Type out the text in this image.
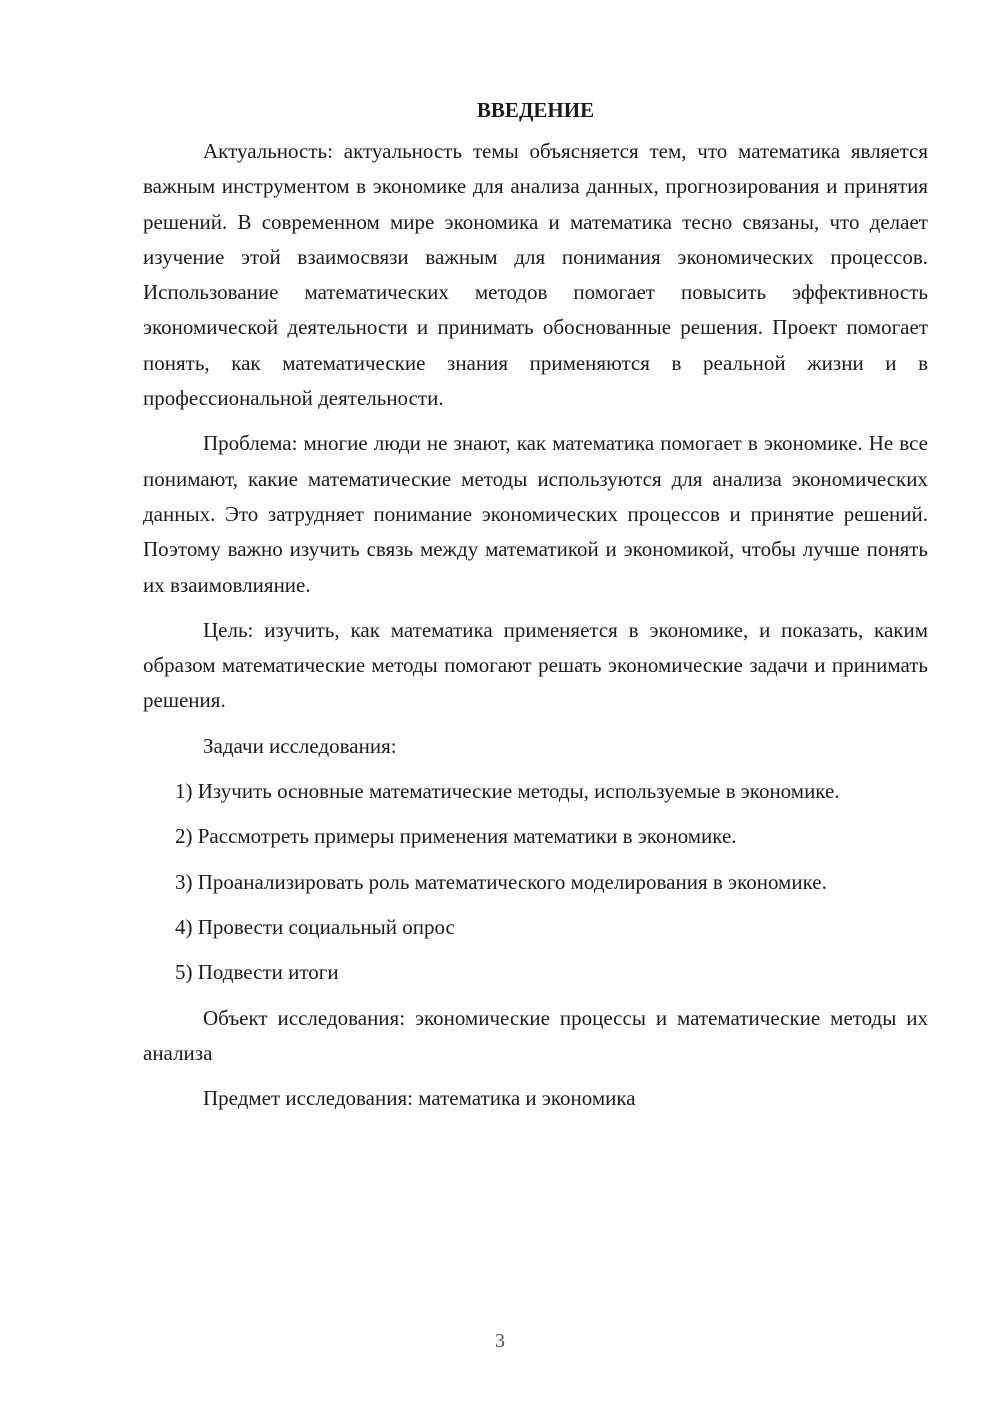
ВВЕДЕНИЕ

Актуальность: актуальность темы объясняется тем, что математика является важным инструментом в экономике для анализа данных, прогнозирования и принятия решений. В современном мире экономика и математика тесно связаны, что делает изучение этой взаимосвязи важным для понимания экономических процессов. Использование математических методов помогает повысить эффективность экономической деятельности и принимать обоснованные решения. Проект помогает понять, как математические знания применяются в реальной жизни и в профессиональной деятельности.

Проблема: многие люди не знают, как математика помогает в экономике. Не все понимают, какие математические методы используются для анализа экономических данных. Это затрудняет понимание экономических процессов и принятие решений. Поэтому важно изучить связь между математикой и экономикой, чтобы лучше понять их взаимовлияние.

Цель: изучить, как математика применяется в экономике, и показать, каким образом математические методы помогают решать экономические задачи и принимать решения.

Задачи исследования:

1) Изучить основные математические методы, используемые в экономике.

2) Рассмотреть примеры применения математики в экономике.

3) Проанализировать роль математического моделирования в экономике.

4) Провести социальный опрос

5) Подвести итоги

Объект исследования: экономические процессы и математические методы их анализа

Предмет исследования: математика и экономика

3
